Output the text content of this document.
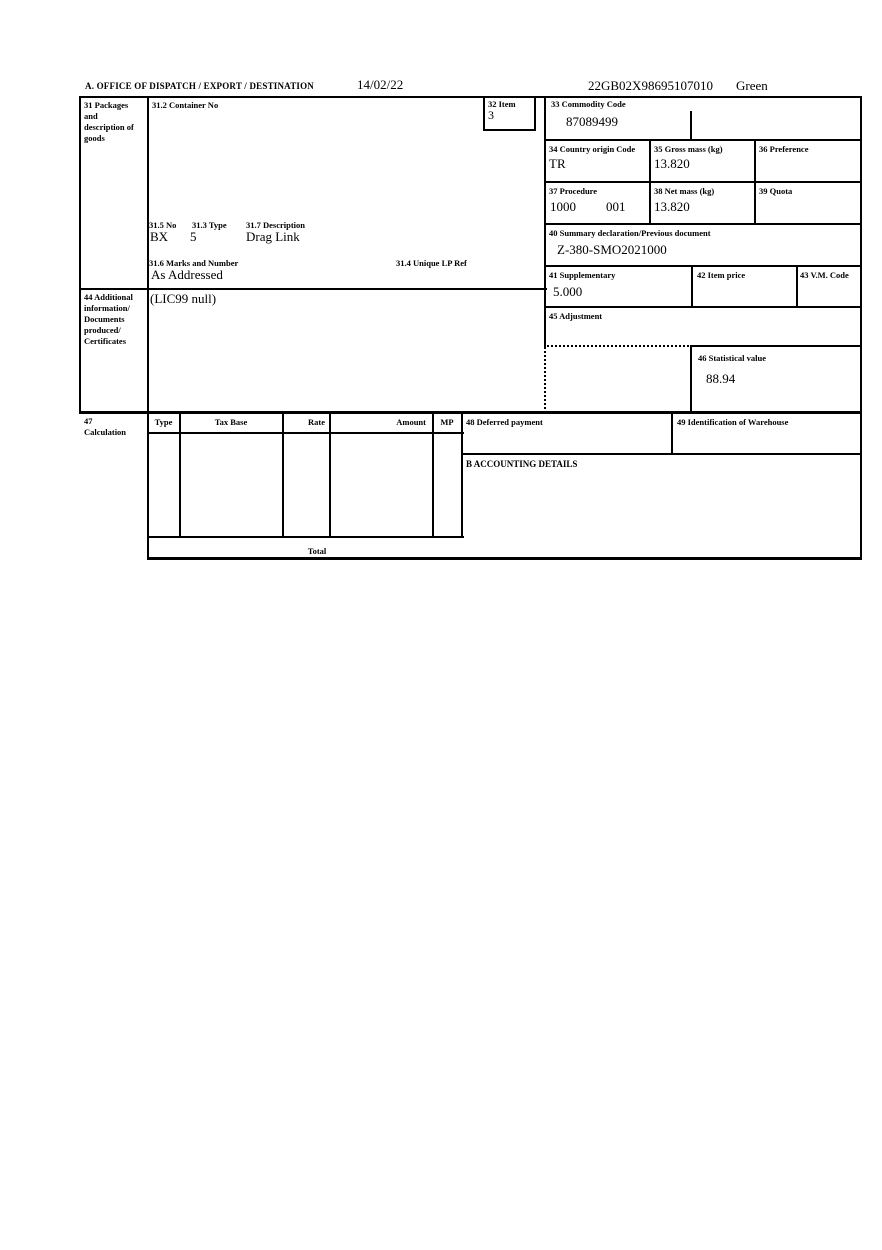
A. OFFICE OF DISPATCH / EXPORT / DESTINATION	14/02/22	22GB02X98695107010 Green
31 Packages and description of goods
31.2 Container No	32 Item
3
33 Commodity Code
87089499
34 Country origin Code
TR
35 Gross mass (kg)
13.820
36 Preference
37 Procedure
1000 001
38 Net mass (kg)
13.820
39 Quota
31.5 No 31.3 Type 31.7 Description
BX 5	Drag Link	40 Summary declaration/Previous document
Z-380-SMO2021000
31.6 Marks and Number	31.4 Unique LP Ref
As Addressed	41 Supplementary
5.000
42 Item price	43 V.M. Code
44 Additional information/ Documents produced/ Certificates
(LIC99 null)
45 Adjustment
46 Statistical value
88.94
47 Calculation
Type	Tax Base	Rate	Amount	MP
Total
48 Deferred payment	49 Identification of Warehouse
B ACCOUNTING DETAILS
